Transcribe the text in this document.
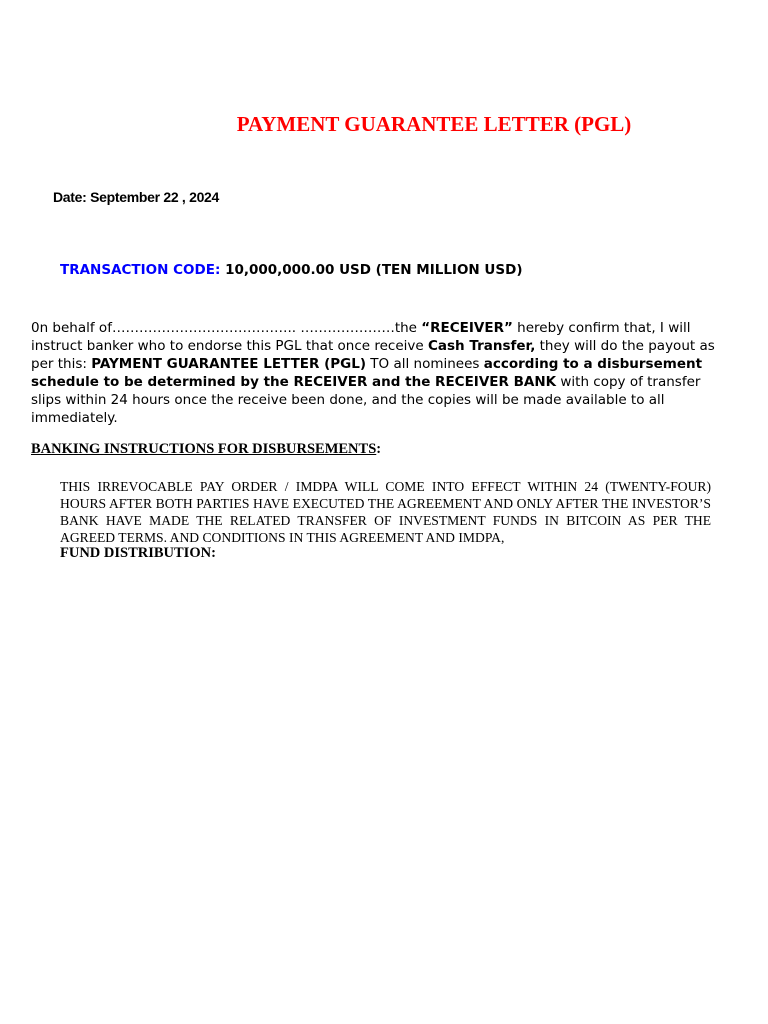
PAYMENT GUARANTEE LETTER (PGL)
Date: September 22 , 2024
TRANSACTION CODE: 10,000,000.00 USD (TEN MILLION USD)
0n behalf of………………………………….. …………………the “RECEIVER” hereby confirm that, I will instruct banker who to endorse this PGL that once receive Cash Transfer, they will do the payout as per this: PAYMENT GUARANTEE LETTER (PGL) TO all nominees according to a disbursement schedule to be determined by the RECEIVER and the RECEIVER BANK with copy of transfer slips within 24 hours once the receive been done, and the copies will be made available to all immediately.
BANKING INSTRUCTIONS FOR DISBURSEMENTS:
THIS IRREVOCABLE PAY ORDER / IMDPA WILL COME INTO EFFECT WITHIN 24 (TWENTY-FOUR) HOURS AFTER BOTH PARTIES HAVE EXECUTED THE AGREEMENT AND ONLY AFTER THE INVESTOR’S BANK HAVE MADE THE RELATED TRANSFER OF INVESTMENT FUNDS IN BITCOIN AS PER THE AGREED TERMS. AND CONDITIONS IN THIS AGREEMENT AND IMDPA,
FUND DISTRIBUTION:
